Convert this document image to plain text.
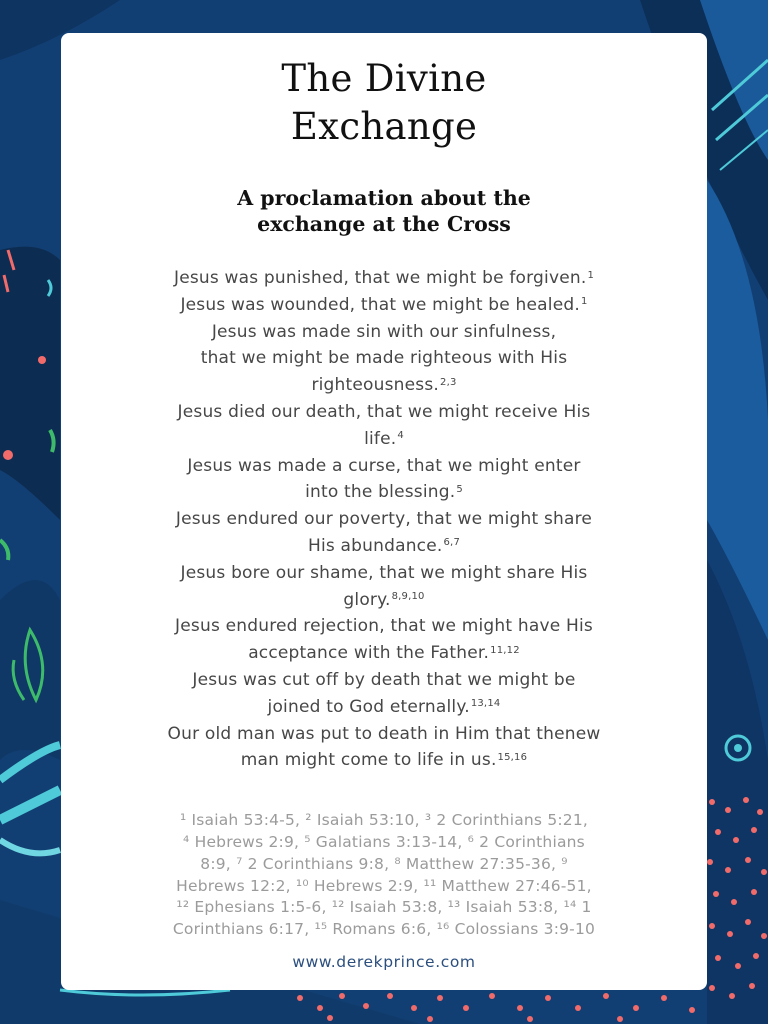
The Divine
Exchange
A proclamation about the
exchange at the Cross
Jesus was punished, that we might be forgiven.$^1$
Jesus was wounded, that we might be healed.$^1$
Jesus was made sin with our sinfulness,
that we might be made righteous with His
righteousness.$^{2,3}$
Jesus died our death, that we might receive His
life.$^4$
Jesus was made a curse, that we might enter
into the blessing.$^5$
Jesus endured our poverty, that we might share
His abundance.$^{6,7}$
Jesus bore our shame, that we might share His
glory.$^{8,9,10}$
Jesus endured rejection, that we might have His
acceptance with the Father.$^{11,12}$
Jesus was cut off by death that we might be
joined to God eternally.$^{13,14}$
Our old man was put to death in Him that thenew
man might come to life in us.$^{15,16}$
¹ Isaiah 53:4-5, ² Isaiah 53:10, ³ 2 Corinthians 5:21,
⁴ Hebrews 2:9, ⁵ Galatians 3:13-14, ⁶ 2 Corinthians
8:9, ⁷ 2 Corinthians 9:8, ⁸ Matthew 27:35-36, ⁹
Hebrews 12:2, ¹⁰ Hebrews 2:9, ¹¹ Matthew 27:46-51,
¹² Ephesians 1:5-6, ¹² Isaiah 53:8, ¹³ Isaiah 53:8, ¹⁴ 1
Corinthians 6:17, ¹⁵ Romans 6:6, ¹⁶ Colossians 3:9-10
www.derekprince.com
